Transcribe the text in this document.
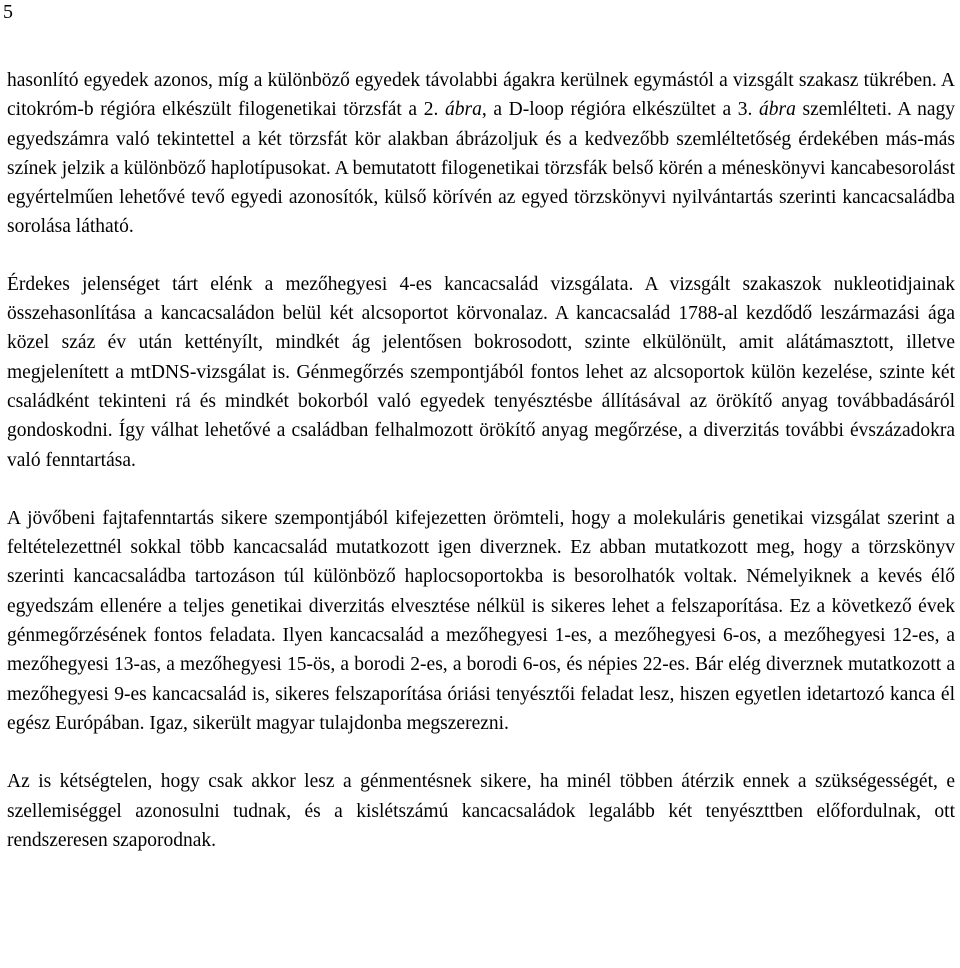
5

hasonlító egyedek azonos, míg a különböző egyedek távolabbi ágakra kerülnek egymástól a vizsgált szakasz tükrében. A citokróm-b régióra elkészült filogenetikai törzsfát a 2. ábra, a D-loop régióra elkészültet a 3. ábra szemlélteti. A nagy egyedszámra való tekintettel a két törzsfát kör alakban ábrázoljuk és a kedvezőbb szemléltetőség érdekében más-más színek jelzik a különböző haplotípusokat. A bemutatott filogenetikai törzsfák belső körén a méneskönyvi kancabesorolást egyértelműen lehetővé tevő egyedi azonosítók, külső körívén az egyed törzskönyvi nyilvántartás szerinti kancacsaládba sorolása látható.

Érdekes jelenséget tárt elénk a mezőhegyesi 4-es kancacsalád vizsgálata. A vizsgált szakaszok nukleotidjainak összehasonlítása a kancacsaládon belül két alcsoportot körvonalaz. A kancacsalád 1788-al kezdődő leszármazási ága közel száz év után kettényílt, mindkét ág jelentősen bokrosodott, szinte elkülönült, amit alátámasztott, illetve megjelenített a mtDNS-vizsgálat is. Génmegőrzés szempontjából fontos lehet az alcsoportok külön kezelése, szinte két családként tekinteni rá és mindkét bokorból való egyedek tenyésztésbe állításával az örökítő anyag továbbadásáról gondoskodni. Így válhat lehetővé a családban felhalmozott örökítő anyag megőrzése, a diverzitás további évszázadokra való fenntartása.

A jövőbeni fajtafenntartás sikere szempontjából kifejezetten örömteli, hogy a molekuláris genetikai vizsgálat szerint a feltételezettnél sokkal több kancacsalád mutatkozott igen diverznek. Ez abban mutatkozott meg, hogy a törzskönyv szerinti kancacsaládba tartozáson túl különböző haplocsoportokba is besorolhatók voltak. Némelyiknek a kevés élő egyedszám ellenére a teljes genetikai diverzitás elvesztése nélkül is sikeres lehet a felszaporítása. Ez a következő évek génmegőrzésének fontos feladata. Ilyen kancacsalád a mezőhegyesi 1-es, a mezőhegyesi 6-os, a mezőhegyesi 12-es, a mezőhegyesi 13-as, a mezőhegyesi 15-ös, a borodi 2-es, a borodi 6-os, és népies 22-es. Bár elég diverznek mutatkozott a mezőhegyesi 9-es kancacsalád is, sikeres felszaporítása óriási tenyésztői feladat lesz, hiszen egyetlen idetartozó kanca él egész Európában. Igaz, sikerült magyar tulajdonba megszerezni.

Az is kétségtelen, hogy csak akkor lesz a génmentésnek sikere, ha minél többen átérzik ennek a szükségességét, e szellemiséggel azonosulni tudnak, és a kislétszámú kancacsaládok legalább két tenyészttben előfordulnak, ott rendszeresen szaporodnak.
